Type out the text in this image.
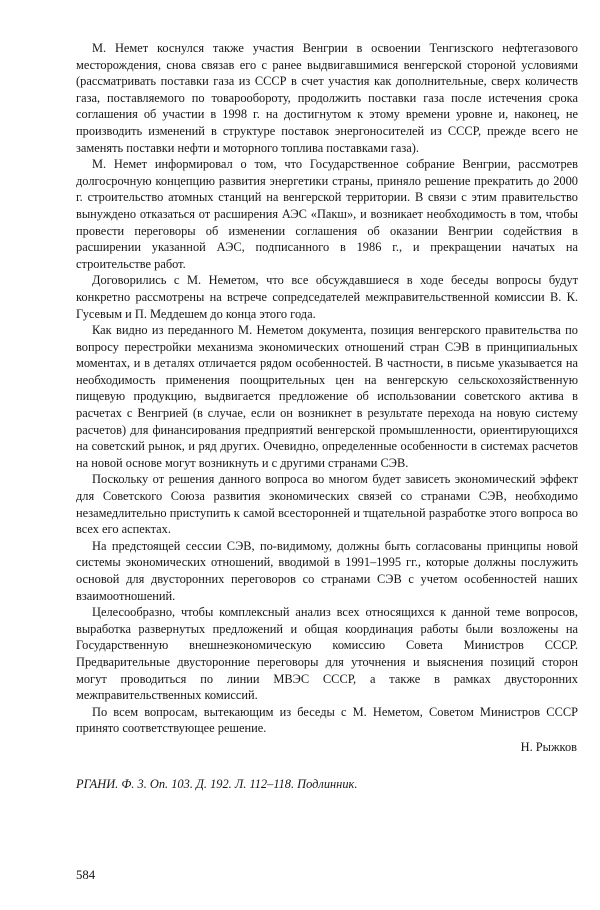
М. Немет коснулся также участия Венгрии в освоении Тенгизского нефтегазового месторождения, снова связав его с ранее выдвигавшимися венгерской стороной условиями (рассматривать поставки газа из СССР в счет участия как дополнительные, сверх количеств газа, поставляемого по товарообороту, продолжить поставки газа после истечения срока соглашения об участии в 1998 г. на достигнутом к этому времени уровне и, наконец, не производить изменений в структуре поставок энергоносителей из СССР, прежде всего не заменять поставки нефти и моторного топлива поставками газа).

М. Немет информировал о том, что Государственное собрание Венгрии, рассмотрев долгосрочную концепцию развития энергетики страны, приняло решение прекратить до 2000 г. строительство атомных станций на венгерской территории. В связи с этим правительство вынуждено отказаться от расширения АЭС «Пакш», и возникает необходимость в том, чтобы провести переговоры об изменении соглашения об оказании Венгрии содействия в расширении указанной АЭС, подписанного в 1986 г., и прекращении начатых на строительстве работ.

Договорились с М. Неметом, что все обсуждавшиеся в ходе беседы вопросы будут конкретно рассмотрены на встрече сопредседателей межправительственной комиссии В. К. Гусевым и П. Меддешем до конца этого года.

Как видно из переданного М. Неметом документа, позиция венгерского правительства по вопросу перестройки механизма экономических отношений стран СЭВ в принципиальных моментах, и в деталях отличается рядом особенностей. В частности, в письме указывается на необходимость применения поощрительных цен на венгерскую сельскохозяйственную пищевую продукцию, выдвигается предложение об использовании советского актива в расчетах с Венгрией (в случае, если он возникнет в результате перехода на новую систему расчетов) для финансирования предприятий венгерской промышленности, ориентирующихся на советский рынок, и ряд других. Очевидно, определенные особенности в системах расчетов на новой основе могут возникнуть и с другими странами СЭВ.

Поскольку от решения данного вопроса во многом будет зависеть экономический эффект для Советского Союза развития экономических связей со странами СЭВ, необходимо незамедлительно приступить к самой всесторонней и тщательной разработке этого вопроса во всех его аспектах.

На предстоящей сессии СЭВ, по-видимому, должны быть согласованы принципы новой системы экономических отношений, вводимой в 1991–1995 гг., которые должны послужить основой для двусторонних переговоров со странами СЭВ с учетом особенностей наших взаимоотношений.

Целесообразно, чтобы комплексный анализ всех относящихся к данной теме вопросов, выработка развернутых предложений и общая координация работы были возложены на Государственную внешнеэкономическую комиссию Совета Министров СССР. Предварительные двусторонние переговоры для уточнения и выяснения позиций сторон могут проводиться по линии МВЭС СССР, а также в рамках двусторонних межправительственных комиссий.

По всем вопросам, вытекающим из беседы с М. Неметом, Советом Министров СССР принято соответствующее решение.

Н. Рыжков
РГАНИ. Ф. 3. Оп. 103. Д. 192. Л. 112–118. Подлинник.
584
